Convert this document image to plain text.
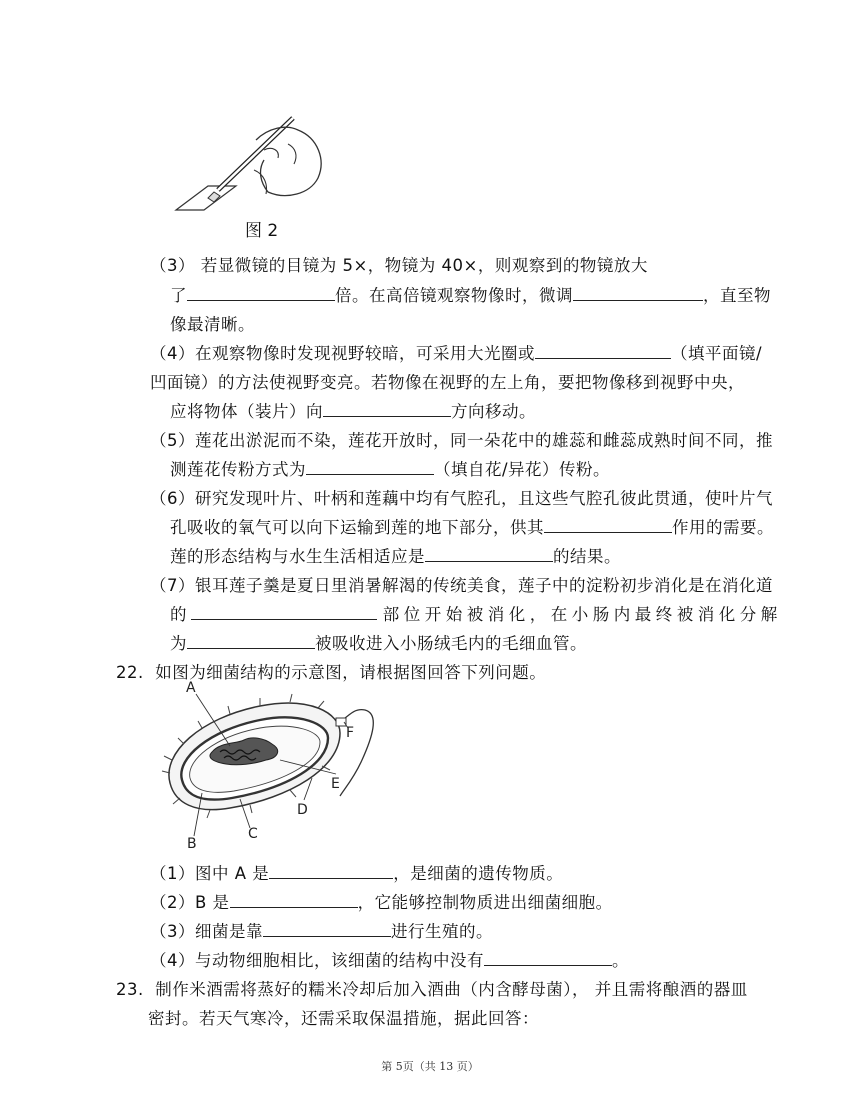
图 2
（3） 若显微镜的目镜为 5×，物镜为 40×，则观察到的物镜放大
了	倍。在高倍镜观察物像时，微调	，直至物
像最清晰。
（4）在观察物像时发现视野较暗，可采用大光圈或	（填平面镜/
凹面镜）的方法使视野变亮。若物像在视野的左上角，要把物像移到视野中央，
应将物体（装片）向	方向移动。
（5）莲花出淤泥而不染，莲花开放时，同一朵花中的雄蕊和雌蕊成熟时间不同，推
测莲花传粉方式为	（填自花/异花）传粉。
（6）研究发现叶片、叶柄和莲藕中均有气腔孔，且这些气腔孔彼此贯通，使叶片气
孔吸收的氧气可以向下运输到莲的地下部分，供其	作用的需要。
莲的形态结构与水生生活相适应是	的结果。
（7）银耳莲子羹是夏日里消暑解渴的传统美食，莲子中的淀粉初步消化是在消化道
的	部位开始被消化，在小肠内最终被消化分解
为	被吸收进入小肠绒毛内的毛细血管。
22. 如图为细菌结构的示意图，请根据图回答下列问题。
A
B
C
D
E
F
（1）图中 A 是	，是细菌的遗传物质。
（2）B 是	，它能够控制物质进出细菌细胞。
（3）细菌是靠	进行生殖的。
（4）与动物细胞相比，该细菌的结构中没有	。
23. 制作米酒需将蒸好的糯米冷却后加入酒曲（内含酵母菌）， 并且需将酿酒的器皿
密封。若天气寒冷，还需采取保温措施，据此回答：
第 5页（共 13 页）
